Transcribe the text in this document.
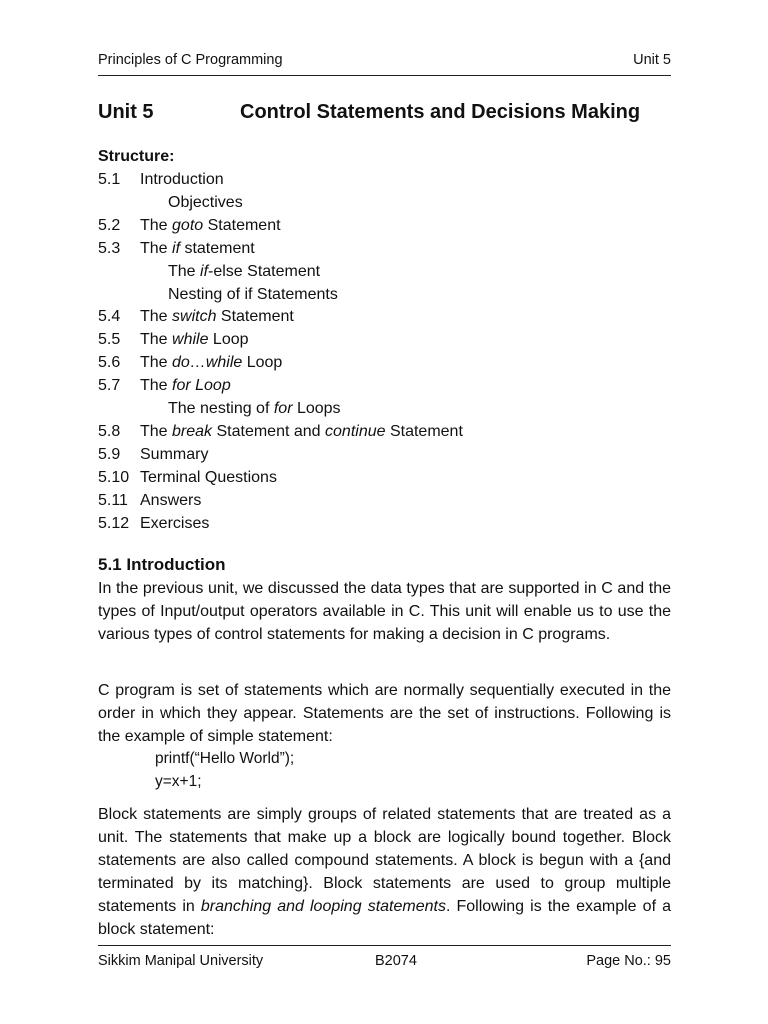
Principles of C Programming	Unit 5
Unit 5	Control Statements and Decisions Making
Structure:
5.1	Introduction
Objectives
5.2	The goto Statement
5.3	The if statement
The if-else Statement
Nesting of if Statements
5.4	The switch Statement
5.5	The while Loop
5.6	The do…while Loop
5.7	The for Loop
The nesting of for Loops
5.8	The break Statement and continue Statement
5.9	Summary
5.10 Terminal Questions
5.11 Answers
5.12 Exercises
5.1 Introduction
In the previous unit, we discussed the data types that are supported in C and the types of Input/output operators available in C. This unit will enable us to use the various types of control statements for making a decision in C programs.
C program is set of statements which are normally sequentially executed in the order in which they appear. Statements are the set of instructions. Following is the example of simple statement:
printf(“Hello World”);
y=x+1;
Block statements are simply groups of related statements that are treated as a unit. The statements that make up a block are logically bound together. Block statements are also called compound statements. A block is begun with a {and terminated by its matching}. Block statements are used to group multiple statements in branching and looping statements. Following is the example of a block statement:
Sikkim Manipal University	B2074	Page No.: 95
